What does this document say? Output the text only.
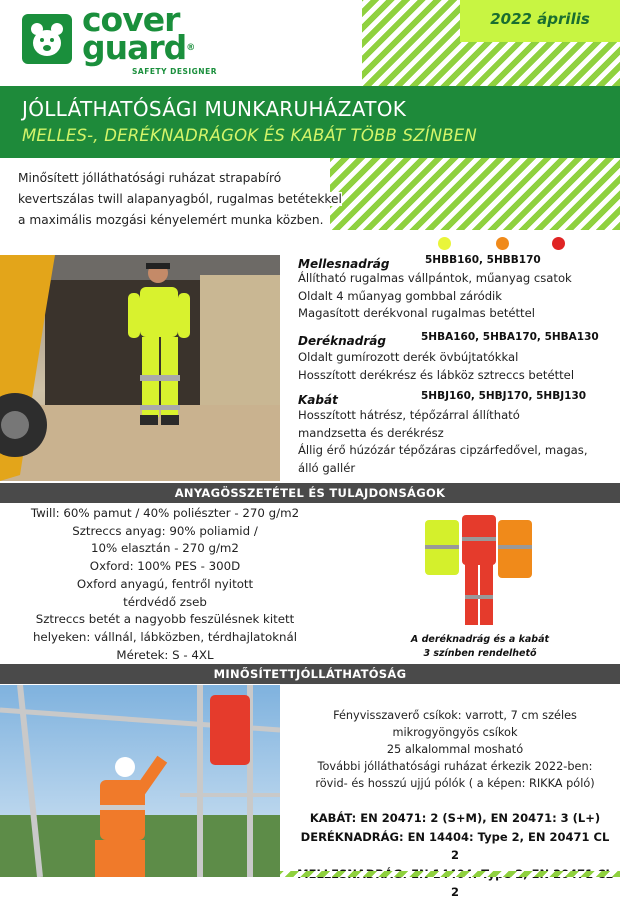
2022 április
cover
guard®
SAFETY DESIGNER
JÓLLÁTHATÓSÁGI MUNKARUHÁZATOK
MELLES-, DERÉKNADRÁGOK ÉS KABÁT TÖBB SZÍNBEN
Minősített jólláthatósági ruházat strapabíró
kevertszálas twill alapanyagból, rugalmas betétekkel
a maximális mozgási kényelemért munka közben.
Mellesnadrág	5HBB160, 5HBB170
Állítható rugalmas vállpántok, műanyag csatok
Oldalt 4 műanyag gombbal záródik
Magasított derékvonal rugalmas betéttel
Deréknadrág	5HBA160, 5HBA170, 5HBA130
Oldalt gumírozott derék övbújtatókkal
Hosszított derékrész és lábköz sztreccs betéttel
Kabát	5HBJ160, 5HBJ170, 5HBJ130
Hosszított hátrész, tépőzárral állítható
mandzsetta és derékrész
Állig érő húzózár tépőzáras cipzárfedővel, magas,
álló gallér
ANYAGÖSSZETÉTEL ÉS TULAJDONSÁGOK
Twill: 60% pamut / 40% poliészter - 270 g/m2
Sztreccs anyag: 90% poliamid /
10% elasztán - 270 g/m2
Oxford: 100% PES - 300D
Oxford anyagú, fentről nyitott
térdvédő zseb
Sztreccs betét a nagyobb feszülésnek kitett
helyeken: vállnál, lábközben, térdhajlatoknál
Méretek: S - 4XL
A deréknadrág és a kabát
3 színben rendelhető
MINŐSÍTETTJÓLLÁTHATÓSÁG
Fényvisszaverő csíkok: varrott, 7 cm széles
mikrogyöngyös csíkok
25 alkalommal mosható
További jólláthatósági ruházat érkezik 2022-ben:
rövid- és hosszú ujjú pólók ( a képen: RIKKA póló)
KABÁT: EN 20471: 2 (S+M), EN 20471: 3 (L+)
DERÉKNADRÁG: EN 14404: Type 2, EN 20471 CL 2
2
